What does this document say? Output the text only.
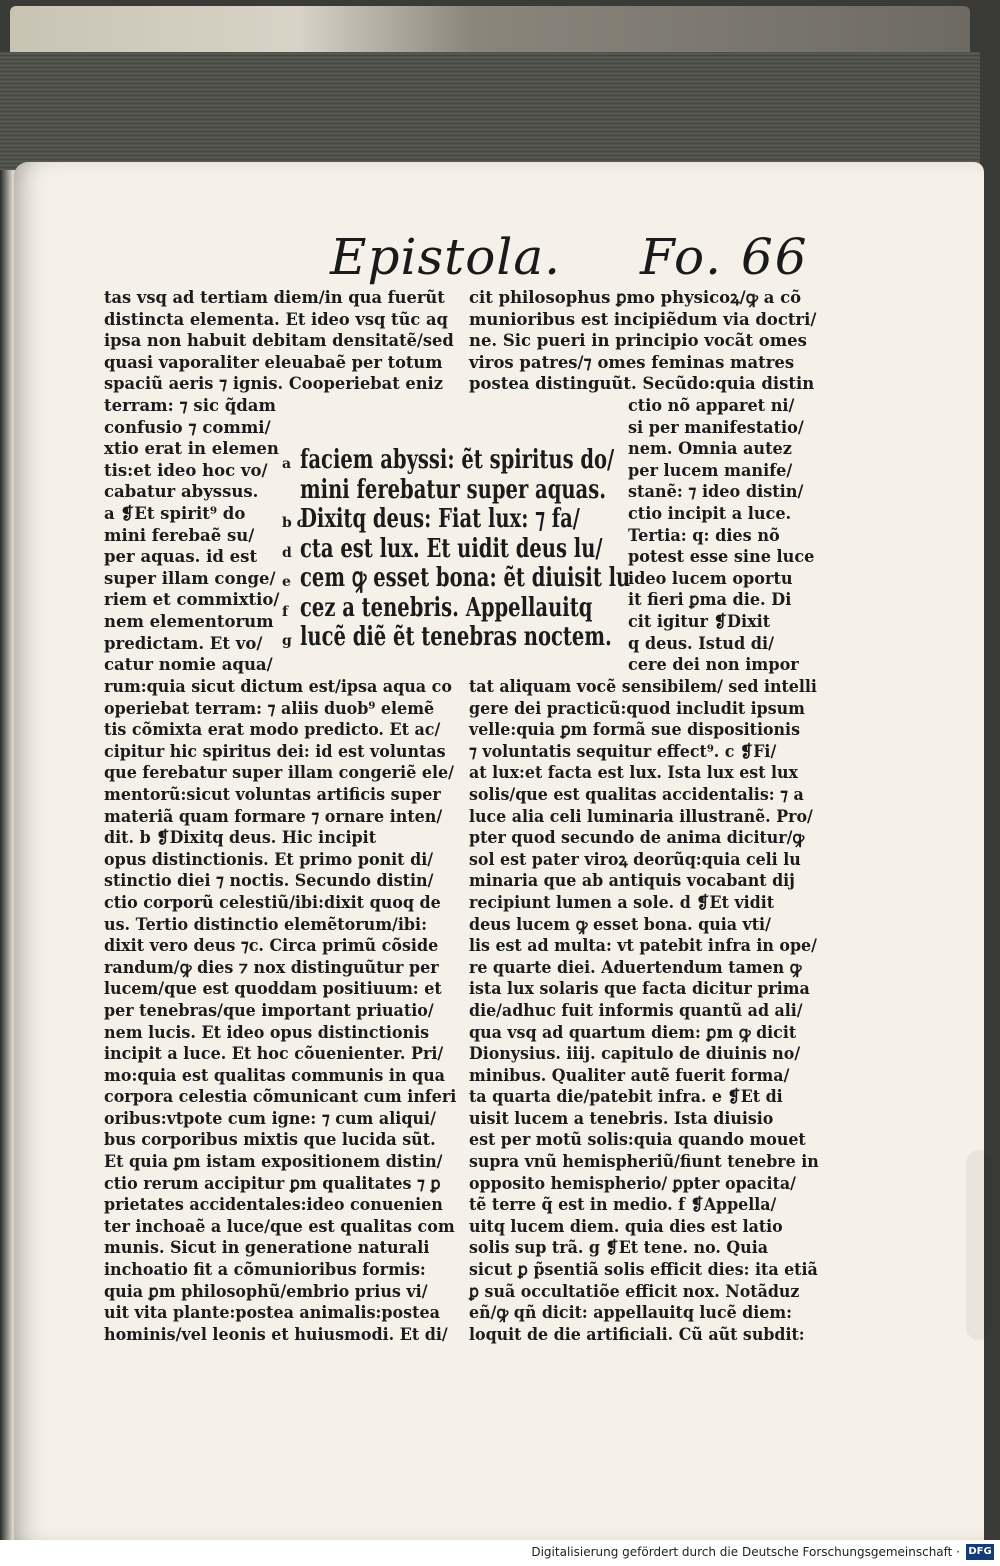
Epistola. Fo. 66
tas vsq ad tertiam diem/in qua fuerũt
distincta elementa. Et ideo vsq tũc aq
ipsa non habuit debitam densitatẽ/sed
quasi vaporaliter eleuabaẽ per totum
spaciũ aeris ⁊ ignis. Cooperiebat eniz
terram: ⁊ sic q̃dam
confusio ⁊ commi/
xtio erat in elemen
tis:et ideo hoc vo/
cabatur abyssus.
a ❡Et spirit⁹ do
mini ferebaẽ su/
per aquas. id est
super illam conge/
riem et commixtio/
nem elementorum
predictam. Et vo/
catur nomie aqua/
rum:quia sicut dictum est/ipsa aqua co
operiebat terram: ⁊ aliis duob⁹ elemẽ
tis cõmixta erat modo predicto. Et ac/
cipitur hic spiritus dei: id est voluntas
que ferebatur super illam congeriẽ ele/
mentorũ:sicut voluntas artificis super
materiã quam formare ⁊ ornare inten/
dit. b ❡Dixitq deus. Hic incipit
opus distinctionis. Et primo ponit di/
stinctio diei ⁊ noctis. Secundo distin/
ctio corporũ celestiũ/ibi:dixit quoq de
us. Tertio distinctio elemẽtorum/ibi:
dixit vero deus ⁊c. Circa primũ cõside
randum/ꝙ dies ⁊ nox distinguũtur per
lucem/que est quoddam positiuum: et
per tenebras/que important priuatio/
nem lucis. Et ideo opus distinctionis
incipit a luce. Et hoc cõuenienter. Pri/
mo:quia est qualitas communis in qua
corpora celestia cõmunicant cum inferi
oribus:vtpote cum igne: ⁊ cum aliqui/
bus corporibus mixtis que lucida sũt.
Et quia ꝑm istam expositionem distin/
ctio rerum accipitur ꝑm qualitates ⁊ ꝑ
prietates accidentales:ideo conuenien
ter inchoaẽ a luce/que est qualitas com
munis. Sicut in generatione naturali
inchoatio fit a cõmunioribus formis:
quia ꝑm philosophũ/embrio prius vi/
uit vita plante:postea animalis:postea
hominis/vel leonis et huiusmodi. Et di/
cit philosophus ꝑmo physicoꝝ/ꝙ a cõ
munioribus est incipiẽdum via doctri/
ne. Sic pueri in principio vocãt omes
viros patres/⁊ omes feminas matres
postea distinguũt. Secũdo:quia distin
ctio nõ apparet ni/
si per manifestatio/
nem. Omnia autez
per lucem manife/
stanẽ: ⁊ ideo distin/
ctio incipit a luce.
Tertia: q: dies nõ
potest esse sine luce
ideo lucem oportu
it fieri ꝑma die. Di
cit igitur ❡Dixit
q deus. Istud di/
cere dei non impor
tat aliquam vocẽ sensibilem/ sed intelli
gere dei practicũ:quod includit ipsum
velle:quia ꝑm formã sue dispositionis
⁊ voluntatis sequitur effect⁹. c ❡Fi/
at lux:et facta est lux. Ista lux est lux
solis/que est qualitas accidentalis: ⁊ a
luce alia celi luminaria illustranẽ. Pro/
pter quod secundo de anima dicitur/ꝙ
sol est pater viroꝝ deorũq:quia celi lu
minaria que ab antiquis vocabant dij
recipiunt lumen a sole. d ❡Et vidit
deus lucem ꝙ esset bona. quia vti/
lis est ad multa: vt patebit infra in ope/
re quarte diei. Aduertendum tamen ꝙ
ista lux solaris que facta dicitur prima
die/adhuc fuit informis quantũ ad ali/
qua vsq ad quartum diem: ꝑm ꝙ dicit
Dionysius. iiij. capitulo de diuinis no/
minibus. Qualiter autẽ fuerit forma/
ta quarta die/patebit infra. e ❡Et di
uisit lucem a tenebris. Ista diuisio
est per motũ solis:quia quando mouet
supra vnũ hemispheriũ/fiunt tenebre in
opposito hemispherio/ ꝑpter opacita/
tẽ terre q̃ est in medio. f ❡Appella/
uitq lucem diem. quia dies est latio
solis sup trã. g ❡Et tene. no. Quia
sicut ꝑ p̃sentiã solis efficit dies: ita etiã
ꝑ suã occultatiõe efficit nox. Notãduz
eñ/ꝙ qñ dicit: appellauitq lucẽ diem:
loquit de die artificiali. Cũ aũt subdit:
faciem abyssi: ẽt spiritus do/
mini ferebatur super aquas.
Dixitq deus: Fiat lux: ⁊ fa/
cta est lux. Et uidit deus lu/
cem ꝙ esset bona: ẽt diuisit lu
cez a tenebris. Appellauitq
lucẽ diẽ ẽt tenebras noctem.
a
b c
d
e
f
g
Digitalisierung gefördert durch die Deutsche Forschungsgemeinschaft · DFG
